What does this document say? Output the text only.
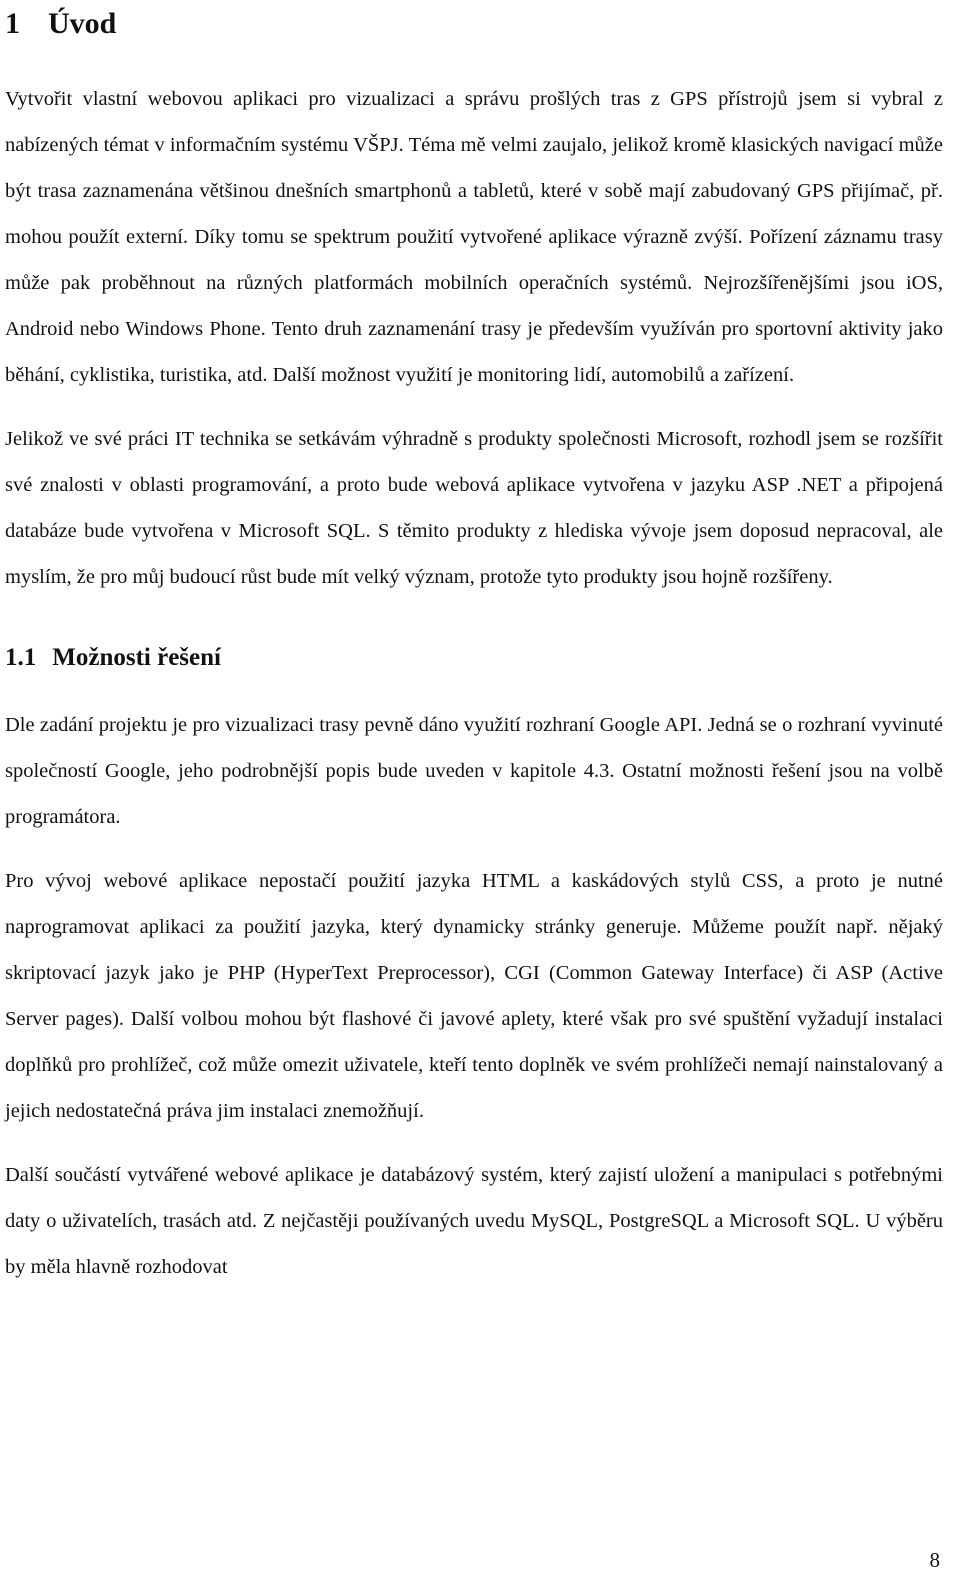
1 Úvod

Vytvořit vlastní webovou aplikaci pro vizualizaci a správu prošlých tras z GPS přístrojů jsem si vybral z nabízených témat v informačním systému VŠPJ. Téma mě velmi zaujalo, jelikož kromě klasických navigací může být trasa zaznamenána většinou dnešních smartphonů a tabletů, které v sobě mají zabudovaný GPS přijímač, př. mohou použít externí. Díky tomu se spektrum použití vytvořené aplikace výrazně zvýší. Pořízení záznamu trasy může pak proběhnout na různých platformách mobilních operačních systémů. Nejrozšířenějšími jsou iOS, Android nebo Windows Phone. Tento druh zaznamenání trasy je především využíván pro sportovní aktivity jako běhání, cyklistika, turistika, atd. Další možnost využití je monitoring lidí, automobilů a zařízení.

Jelikož ve své práci IT technika se setkávám výhradně s produkty společnosti Microsoft, rozhodl jsem se rozšířit své znalosti v oblasti programování, a proto bude webová aplikace vytvořena v jazyku ASP .NET a připojená databáze bude vytvořena v Microsoft SQL. S těmito produkty z hlediska vývoje jsem doposud nepracoval, ale myslím, že pro můj budoucí růst bude mít velký význam, protože tyto produkty jsou hojně rozšířeny.

1.1 Možnosti řešení

Dle zadání projektu je pro vizualizaci trasy pevně dáno využití rozhraní Google API. Jedná se o rozhraní vyvinuté společností Google, jeho podrobnější popis bude uveden v kapitole 4.3. Ostatní možnosti řešení jsou na volbě programátora.

Pro vývoj webové aplikace nepostačí použití jazyka HTML a kaskádových stylů CSS, a proto je nutné naprogramovat aplikaci za použití jazyka, který dynamicky stránky generuje. Můžeme použít např. nějaký skriptovací jazyk jako je PHP (HyperText Preprocessor), CGI (Common Gateway Interface) či ASP (Active Server pages). Další volbou mohou být flashové či javové aplety, které však pro své spuštění vyžadují instalaci doplňků pro prohlížeč, což může omezit uživatele, kteří tento doplněk ve svém prohlížeči nemají nainstalovaný a jejich nedostatečná práva jim instalaci znemožňují.

Další součástí vytvářené webové aplikace je databázový systém, který zajistí uložení a manipulaci s potřebnými daty o uživatelích, trasách atd. Z nejčastěji používaných uvedu MySQL, PostgreSQL a Microsoft SQL. U výběru by měla hlavně rozhodovat

8
